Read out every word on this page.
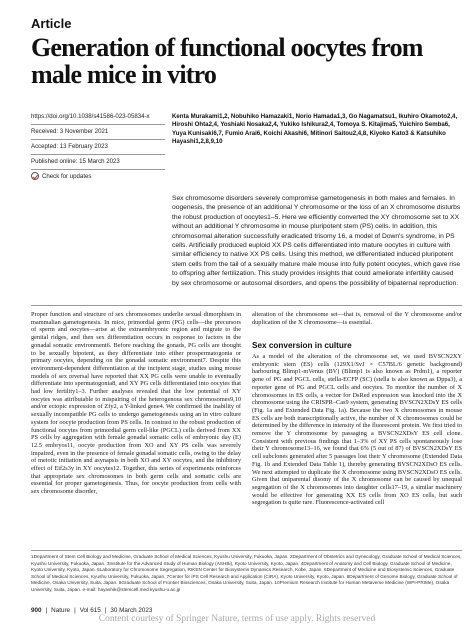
Article
Generation of functional oocytes from male mice in vitro
https://doi.org/10.1038/s41586-023-05834-x
Received: 3 November 2021
Accepted: 13 February 2023
Published online: 15 March 2023
Check for updates

Kenta Murakami1,2, Nobuhiko Hamazaki1, Norio Hamada1,3, Go Nagamatsu1, Ikuhiro Okamoto2,4, Hiroshi Ohta2,4, Yoshiaki Nosaka2,4, Yukiko Ishikura2,4, Tomoya S. Kitajima5, Yuichiro Semba6, Yuya Kunisaki6,7, Fumio Arai6, Koichi Akashi6, Mitinori Saitou2,4,8, Kiyoko Kato3 & Katsuhiko Hayashi1,2,8,9,10

Sex chromosome disorders severely compromise gametogenesis in both males and females. In oogenesis, the presence of an additional Y chromosome or the loss of an X chromosome disturbs the robust production of oocytes1–5. Here we efficiently converted the XY chromosome set to XX without an additional Y chromosome in mouse pluripotent stem (PS) cells. In addition, this chromosomal alteration successfully eradicated trisomy 16, a model of Down's syndrome, in PS cells. Artificially produced euploid XX PS cells differentiated into mature oocytes in culture with similar efficiency to native XX PS cells. Using this method, we differentiated induced pluripotent stem cells from the tail of a sexually mature male mouse into fully potent oocytes, which gave rise to offspring after fertilization. This study provides insights that could ameliorate infertility caused by sex chromosome or autosomal disorders, and opens the possibility of bipaternal reproduction.

Proper function and structure of sex chromosomes underlie sexual dimorphism in mammalian gametogenesis. In mice, primordial germ (PG) cells—the precursors of sperm and oocytes—arise at the extraembryonic region and migrate to the genital ridges, and then sex differentiation occurs in response to factors in the gonadal somatic environment6. Before reaching the gonads, PG cells are thought to be sexually bipotent, as they differentiate into either prospermatogonia or primary oocytes, depending on the gonadal somatic environment7. Despite this environment-dependent differentiation at the incipient stage, studies using mouse models of sex reversal have reported that XX PG cells were unable to eventually differentiate into spermatogonia8, and XY PG cells differentiated into oocytes that had low fertility1–3. Further analyses revealed that the low potential of XY oocytes was attributable to mispairing of the heterogenous sex chromosomes9,10 and/or ectopic expression of Zfy2, a Y-linked gene4. We confirmed the inability of sexually incompatible PG cells to undergo gametogenesis using an in vitro culture system for oocyte production from PS cells. In contrast to the robust production of functional oocytes from primordial germ cell-like (PGCL) cells derived from XX PS cells by aggregation with female gonadal somatic cells of embryonic day (E) 12.5 embryos11, oocyte production from XO and XY PS cells was severely impaired, even in the presence of female gonadal somatic cells, owing to the delay of meiotic initiation and asynapsis in both XO and XY oocytes, and the inhibitory effect of Eif2s3y in XY oocytes12. Together, this series of experiments reinforces that appropriate sex chromosomes in both germ cells and somatic cells are essential for proper gametogenesis. Thus, for oocyte production from cells with sex chromosome disorder,

alteration of the chromosome set—that is, removal of the Y chromosome and/or duplication of the X chromosome—is essential.

Sex conversion in culture

As a model of the alteration of the chromosome set, we used BVSCN2XY embryonic stem (ES) cells (129X1/SvJ × C57BL/6 genetic background) harbouring Blimp1-mVenus (BV) (Blimp1 is also known as Prdm1), a reporter gene of PG and PGCL cells, stella-ECFP (SC) (stella is also known as Dppa3), a reporter gene of PG and PGCL cells and oocytes. To monitor the number of X chromosomes in ES cells, a vector for DsRed expression was knocked into the X chromosome using the CRISPR–Cas9 system, generating BVSCN2XDsY ES cells (Fig. 1a and Extended Data Fig. 1a). Because the two X chromosomes in mouse ES cells are both transcriptionally active, the number of X chromosomes could be determined by the difference in intensity of the fluorescent protein. We first tried to remove the Y chromosome by passaging a BVSCN2XDsY ES cell clone. Consistent with previous findings that 1–3% of XY PS cells spontaneously lose their Y chromosome13–16, we found that 6% (5 out of 87) of BVSCN2XDsY ES cell subclones generated after 5 passages lost their Y chromosome (Extended Data Fig. 1b and Extended Data Table 1), thereby generating BVSCN2XDsO ES cells. We next attempted to duplicate the X chromosome using BVSCN2XDsO ES cells. Given that uniparental disomy of the X chromosome can be caused by unequal segregation of the X chromosomes into daughter cells17–19, a similar machinery would be effective for generating XX ES cells from XO ES cells, but such segregation is quite rare. Fluorescence-activated cell

1Department of Stem Cell Biology and Medicine, Graduate School of Medical Sciences, Kyushu University, Fukuoka, Japan. 2Department of Obstetrics and Gynecology, Graduate School of Medical Sciences, Kyushu University, Fukuoka, Japan. 3Institute for the Advanced Study of Human Biology (ASHBi), Kyoto University, Kyoto, Japan. 4Department of Anatomy and Cell Biology, Graduate School of Medicine, Kyoto University, Kyoto, Japan. 5Laboratory for Chromosome Segregation, RIKEN Center for Biosystems Dynamics Research, Kobe, Japan. 6Department of Medicine and Biosystemic Sciences, Graduate School of Medical Sciences, Kyushu University, Fukuoka, Japan. 7Center for iPS Cell Research and Application (CiRA), Kyoto University, Kyoto, Japan. 8Department of Genome Biology, Graduate School of Medicine, Osaka University, Suita, Japan. 9Graduate School of Frontier Biosciences, Osaka University, Suita, Japan. 10Premium Research Institute for Human Metaverse Medicine (WPI-PRIMe), Osaka University, Suita, Japan. e-mail: hayashik@stemcell.med.kyushu-u.ac.jp

900 | Nature | Vol 615 | 30 March 2023
Content courtesy of Springer Nature, terms of use apply. Rights reserved
